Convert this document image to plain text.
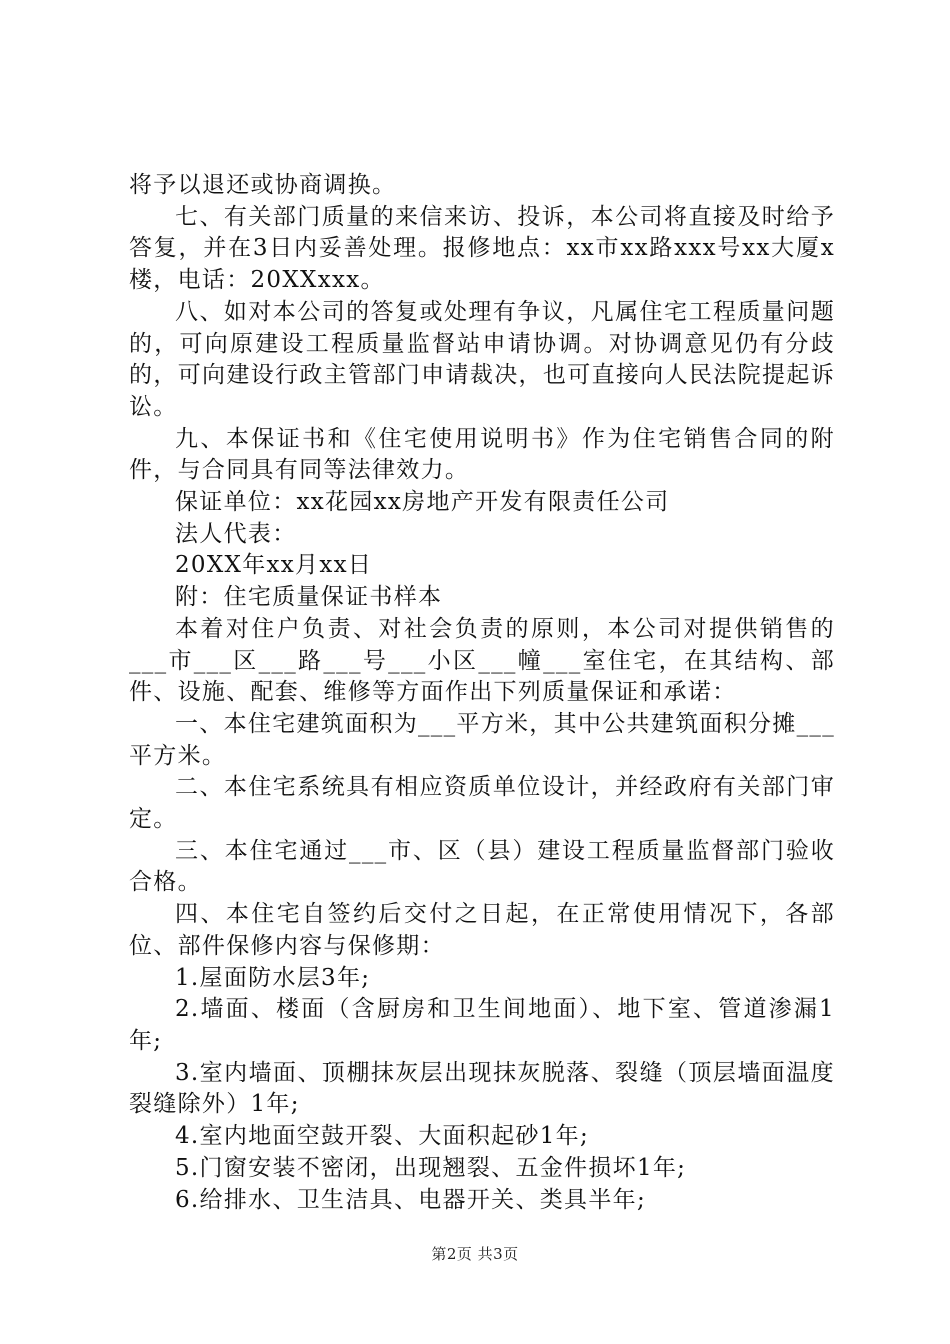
将予以退还或协商调换。

七、有关部门质量的来信来访、投诉，本公司将直接及时给予答复，并在3日内妥善处理。报修地点：xx市xx路xxx号xx大厦x楼，电话：20XXxxx。

八、如对本公司的答复或处理有争议，凡属住宅工程质量问题的，可向原建设工程质量监督站申请协调。对协调意见仍有分歧的，可向建设行政主管部门申请裁决，也可直接向人民法院提起诉讼。

九、本保证书和《住宅使用说明书》作为住宅销售合同的附件，与合同具有同等法律效力。

保证单位：xx花园xx房地产开发有限责任公司

法人代表：

20XX年xx月xx日

附：住宅质量保证书样本

本着对住户负责、对社会负责的原则，本公司对提供销售的___市___区___路___号___小区___幢___室住宅，在其结构、部件、设施、配套、维修等方面作出下列质量保证和承诺：

一、本住宅建筑面积为___平方米，其中公共建筑面积分摊___平方米。

二、本住宅系统具有相应资质单位设计，并经政府有关部门审定。

三、本住宅通过___市、区（县）建设工程质量监督部门验收合格。

四、本住宅自签约后交付之日起，在正常使用情况下，各部位、部件保修内容与保修期：

1.屋面防水层3年;

2.墙面、楼面（含厨房和卫生间地面）、地下室、管道渗漏1年;

3.室内墙面、顶棚抹灰层出现抹灰脱落、裂缝（顶层墙面温度裂缝除外）1年;

4.室内地面空鼓开裂、大面积起砂1年;

5.门窗安装不密闭，出现翘裂、五金件损坏1年;

6.给排水、卫生洁具、电器开关、类具半年;

第2页 共3页
